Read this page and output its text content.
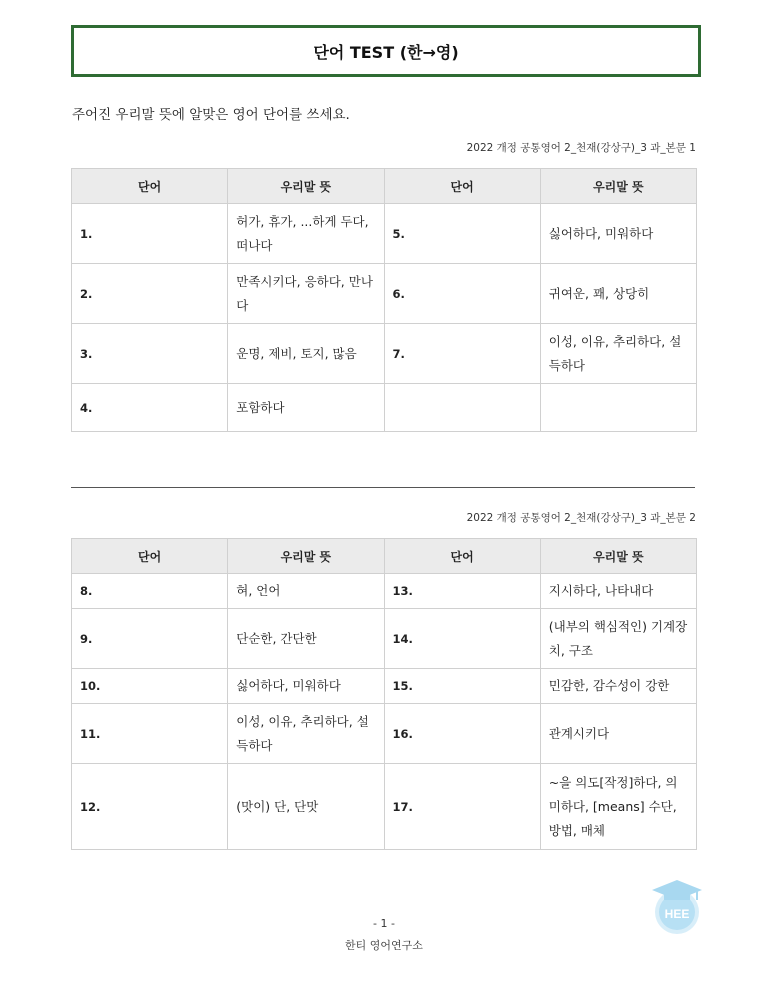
단어 TEST (한→영)
주어진 우리말 뜻에 알맞은 영어 단어를 쓰세요.
2022 개정 공통영어 2_천재(강상구)_3 과_본문 1
단어	우리말 뜻	단어	우리말 뜻
1.	허가, 휴가, ...하게 두다, 떠나다	5.	싫어하다, 미워하다
2.	만족시키다, 응하다, 만나다	6.	귀여운, 꽤, 상당히
3.	운명, 제비, 토지, 많음	7.	이성, 이유, 추리하다, 설득하다
4.	포함하다		
2022 개정 공통영어 2_천재(강상구)_3 과_본문 2
단어	우리말 뜻	단어	우리말 뜻
8.	혀, 언어	13.	지시하다, 나타내다
9.	단순한, 간단한	14.	(내부의 핵심적인) 기계장치, 구조
10.	싫어하다, 미워하다	15.	민감한, 감수성이 강한
11.	이성, 이유, 추리하다, 설득하다	16.	관계시키다
12.	(맛이) 단, 단맛	17.	~을 의도[작정]하다, 의미하다, [means] 수단, 방법, 매체
HEE
- 1 -
한티 영어연구소
